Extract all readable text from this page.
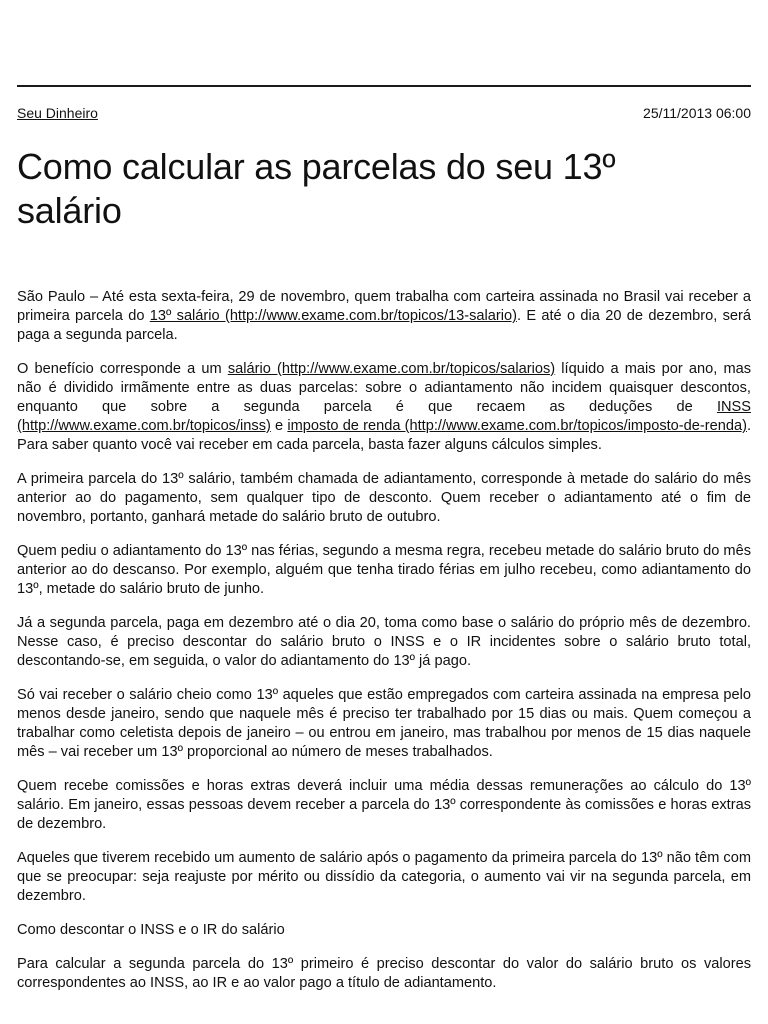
Seu Dinheiro	25/11/2013 06:00
Como calcular as parcelas do seu 13º salário

São Paulo – Até esta sexta-feira, 29 de novembro, quem trabalha com carteira assinada no Brasil vai receber a primeira parcela do 13º salário (http://www.exame.com.br/topicos/13-salario). E até o dia 20 de dezembro, será paga a segunda parcela.

O benefício corresponde a um salário (http://www.exame.com.br/topicos/salarios) líquido a mais por ano, mas não é dividido irmãmente entre as duas parcelas: sobre o adiantamento não incidem quaisquer descontos, enquanto que sobre a segunda parcela é que recaem as deduções de INSS (http://www.exame.com.br/topicos/inss) e imposto de renda (http://www.exame.com.br/topicos/imposto-de-renda). Para saber quanto você vai receber em cada parcela, basta fazer alguns cálculos simples.

A primeira parcela do 13º salário, também chamada de adiantamento, corresponde à metade do salário do mês anterior ao do pagamento, sem qualquer tipo de desconto. Quem receber o adiantamento até o fim de novembro, portanto, ganhará metade do salário bruto de outubro.

Quem pediu o adiantamento do 13º nas férias, segundo a mesma regra, recebeu metade do salário bruto do mês anterior ao do descanso. Por exemplo, alguém que tenha tirado férias em julho recebeu, como adiantamento do 13º, metade do salário bruto de junho.

Já a segunda parcela, paga em dezembro até o dia 20, toma como base o salário do próprio mês de dezembro. Nesse caso, é preciso descontar do salário bruto o INSS e o IR incidentes sobre o salário bruto total, descontando-se, em seguida, o valor do adiantamento do 13º já pago.

Só vai receber o salário cheio como 13º aqueles que estão empregados com carteira assinada na empresa pelo menos desde janeiro, sendo que naquele mês é preciso ter trabalhado por 15 dias ou mais. Quem começou a trabalhar como celetista depois de janeiro – ou entrou em janeiro, mas trabalhou por menos de 15 dias naquele mês – vai receber um 13º proporcional ao número de meses trabalhados.

Quem recebe comissões e horas extras deverá incluir uma média dessas remunerações ao cálculo do 13º salário. Em janeiro, essas pessoas devem receber a parcela do 13º correspondente às comissões e horas extras de dezembro.

Aqueles que tiverem recebido um aumento de salário após o pagamento da primeira parcela do 13º não têm com que se preocupar: seja reajuste por mérito ou dissídio da categoria, o aumento vai vir na segunda parcela, em dezembro.

Como descontar o INSS e o IR do salário

Para calcular a segunda parcela do 13º primeiro é preciso descontar do valor do salário bruto os valores correspondentes ao INSS, ao IR e ao valor pago a título de adiantamento.
